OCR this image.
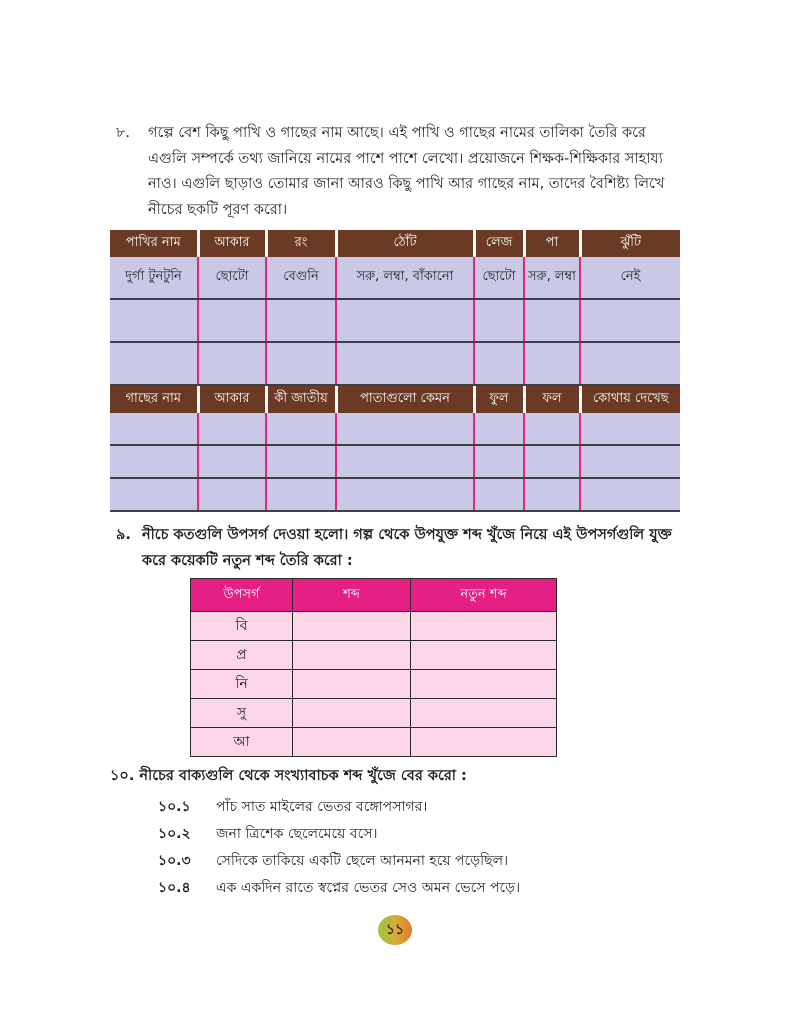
৮. গল্পে বেশ কিছু পাখি ও গাছের নাম আছে। এই পাখি ও গাছের নামের তালিকা তৈরি করে
এগুলি সম্পর্কে তথ্য জানিয়ে নামের পাশে পাশে লেখো। প্রয়োজনে শিক্ষক-শিক্ষিকার সাহায্য
নাও। এগুলি ছাড়াও তোমার জানা আরও কিছু পাখি আর গাছের নাম, তাদের বৈশিষ্ট্য লিখে
নীচের ছকটি পূরণ করো।
পাখির নাম	আকার	রং	ঠোঁট	লেজ	পা	ঝুঁটি
দুর্গা টুনটুনি	ছোটো	বেগুনি	সরু, লম্বা, বাঁকানো	ছোটো	সরু, লম্বা	নেই

গাছের নাম	আকার	কী জাতীয়	পাতাগুলো কেমন	ফুল	ফল	কোথায় দেখেছ

৯. নীচে কতগুলি উপসর্গ দেওয়া হলো। গল্প থেকে উপযুক্ত শব্দ খুঁজে নিয়ে এই উপসর্গগুলি যুক্ত
করে কয়েকটি নতুন শব্দ তৈরি করো :
উপসর্গ	শব্দ	নতুন শব্দ
বি		
প্র		
নি		
সু		
আ		
১০. নীচের বাক্যগুলি থেকে সংখ্যাবাচক শব্দ খুঁজে বের করো :
১০.১ পাঁচ সাত মাইলের ভেতর বঙ্গোপসাগর।
১০.২ জনা ত্রিশেক ছেলেমেয়ে বসে।
১০.৩ সেদিকে তাকিয়ে একটি ছেলে আনমনা হয়ে পড়েছিল।
১০.৪ এক একদিন রাতে স্বপ্নের ভেতর সেও অমন ভেসে পড়ে।
১১
